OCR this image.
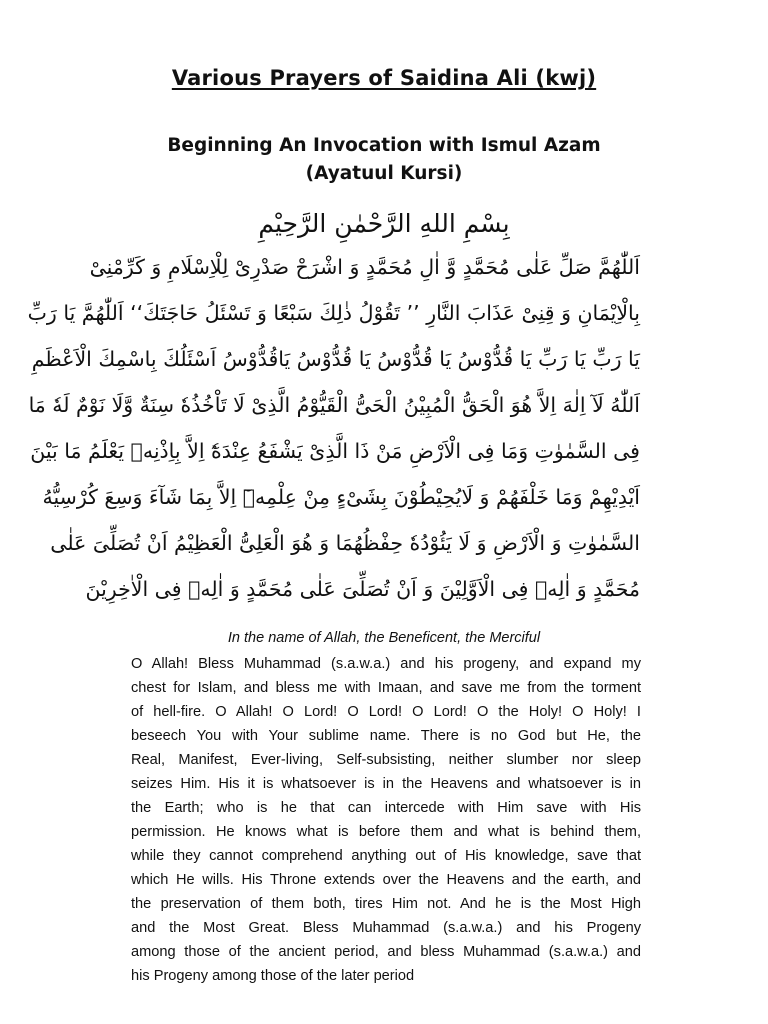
Various Prayers of Saidina Ali (kwj)
Beginning An Invocation with Ismul Azam
(Ayatuul Kursi)
بِسْمِ اللهِ الرَّحْمٰنِ الرَّحِيْمِ
اَللّٰهُمَّ صَلِّ عَلٰى مُحَمَّدٍ وَّ اٰلِ مُحَمَّدٍ وَ اشْرَحْ صَدْرِىْ لِلْاِسْلَامِ وَ كَرِّمْنِىْ
بِالْاِيْمَانِ وَ قِنِىْ عَذَابَ النَّارِ ’’ تَقُوْلُ ذٰلِكَ سَبْعًا وَ تَسْئَلُ حَاجَتَكَ‘‘ اَللّٰهُمَّ يَا رَبِّ
يَا رَبِّ يَا رَبِّ يَا قُدُّوْسُ يَا قُدُّوْسُ يَا قُدُّوْسُ يَاقُدُّوْسُ اَسْئَلُكَ بِاسْمِكَ الْاَعْظَمِ
اَللّٰهُ لَآ اِلٰهَ اِلاَّ هُوَ الْحَقُّ الْمُبِيْنُ الْحَىُّ الْقَيُّوْمُ الَّذِىْ لَا تَاْخُذُهٗ سِنَةٌ وَّلَا نَوْمٌ لَهٗ مَا
فِى السَّمٰوٰتِ وَمَا فِى الْاَرْضِ مَنْ ذَا الَّذِىْ يَشْفَعُ عِنْدَهٗٓ اِلاَّ بِاِذْنِهٖ يَعْلَمُ مَا بَيْنَ
اَيْدِيْهِمْ وَمَا خَلْفَهُمْ وَ لَايُحِيْطُوْنَ بِشَىْءٍ مِنْ عِلْمِهٖٓ اِلاَّ بِمَا شَآءَ وَسِعَ كُرْسِيُّهُ
السَّمٰوٰتِ وَ الْاَرْضِ وَ لَا يَئُوْدُهٗ حِفْظُهُمَا وَ هُوَ الْعَلِىُّ الْعَظِيْمُ اَنْ تُصَلِّىَ عَلٰى
مُحَمَّدٍ وَ اٰلِهٖ فِى الْاَوَّلِيْنَ وَ اَنْ تُصَلِّىَ عَلٰى مُحَمَّدٍ وَ اٰلِهٖ فِى الْاٰخِرِيْنَ
In the name of Allah, the Beneficent, the Merciful
O Allah! Bless Muhammad (s.a.w.a.) and his progeny, and expand my
chest for Islam, and bless me with Imaan, and save me from the torment
of hell-fire. O Allah! O Lord! O Lord! O Lord! O the Holy! O Holy! I
beseech You with Your sublime name. There is no God but He, the
Real, Manifest, Ever-living, Self-subsisting, neither slumber nor sleep
seizes Him. His it is whatsoever is in the Heavens and whatsoever is in
the Earth; who is he that can intercede with Him save with His
permission. He knows what is before them and what is behind them,
while they cannot comprehend anything out of His knowledge, save that
which He wills. His Throne extends over the Heavens and the earth, and
the preservation of them both, tires Him not. And he is the Most High
and the Most Great. Bless Muhammad (s.a.w.a.) and his Progeny
among those of the ancient period, and bless Muhammad (s.a.w.a.) and
his Progeny among those of the later period
